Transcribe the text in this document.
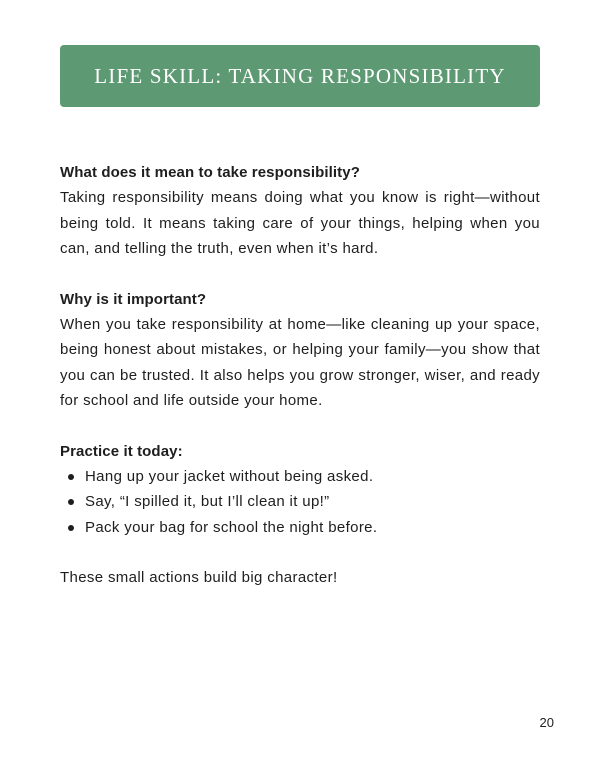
LIFE SKILL: TAKING RESPONSIBILITY

What does it mean to take responsibility?

Taking responsibility means doing what you know is right—without being told. It means taking care of your things, helping when you can, and telling the truth, even when it’s hard.

Why is it important?

When you take responsibility at home—like cleaning up your space, being honest about mistakes, or helping your family—you show that you can be trusted. It also helps you grow stronger, wiser, and ready for school and life outside your home.

Practice it today:

Hang up your jacket without being asked.
Say, “I spilled it, but I’ll clean it up!”
Pack your bag for school the night before.

These small actions build big character!

20
